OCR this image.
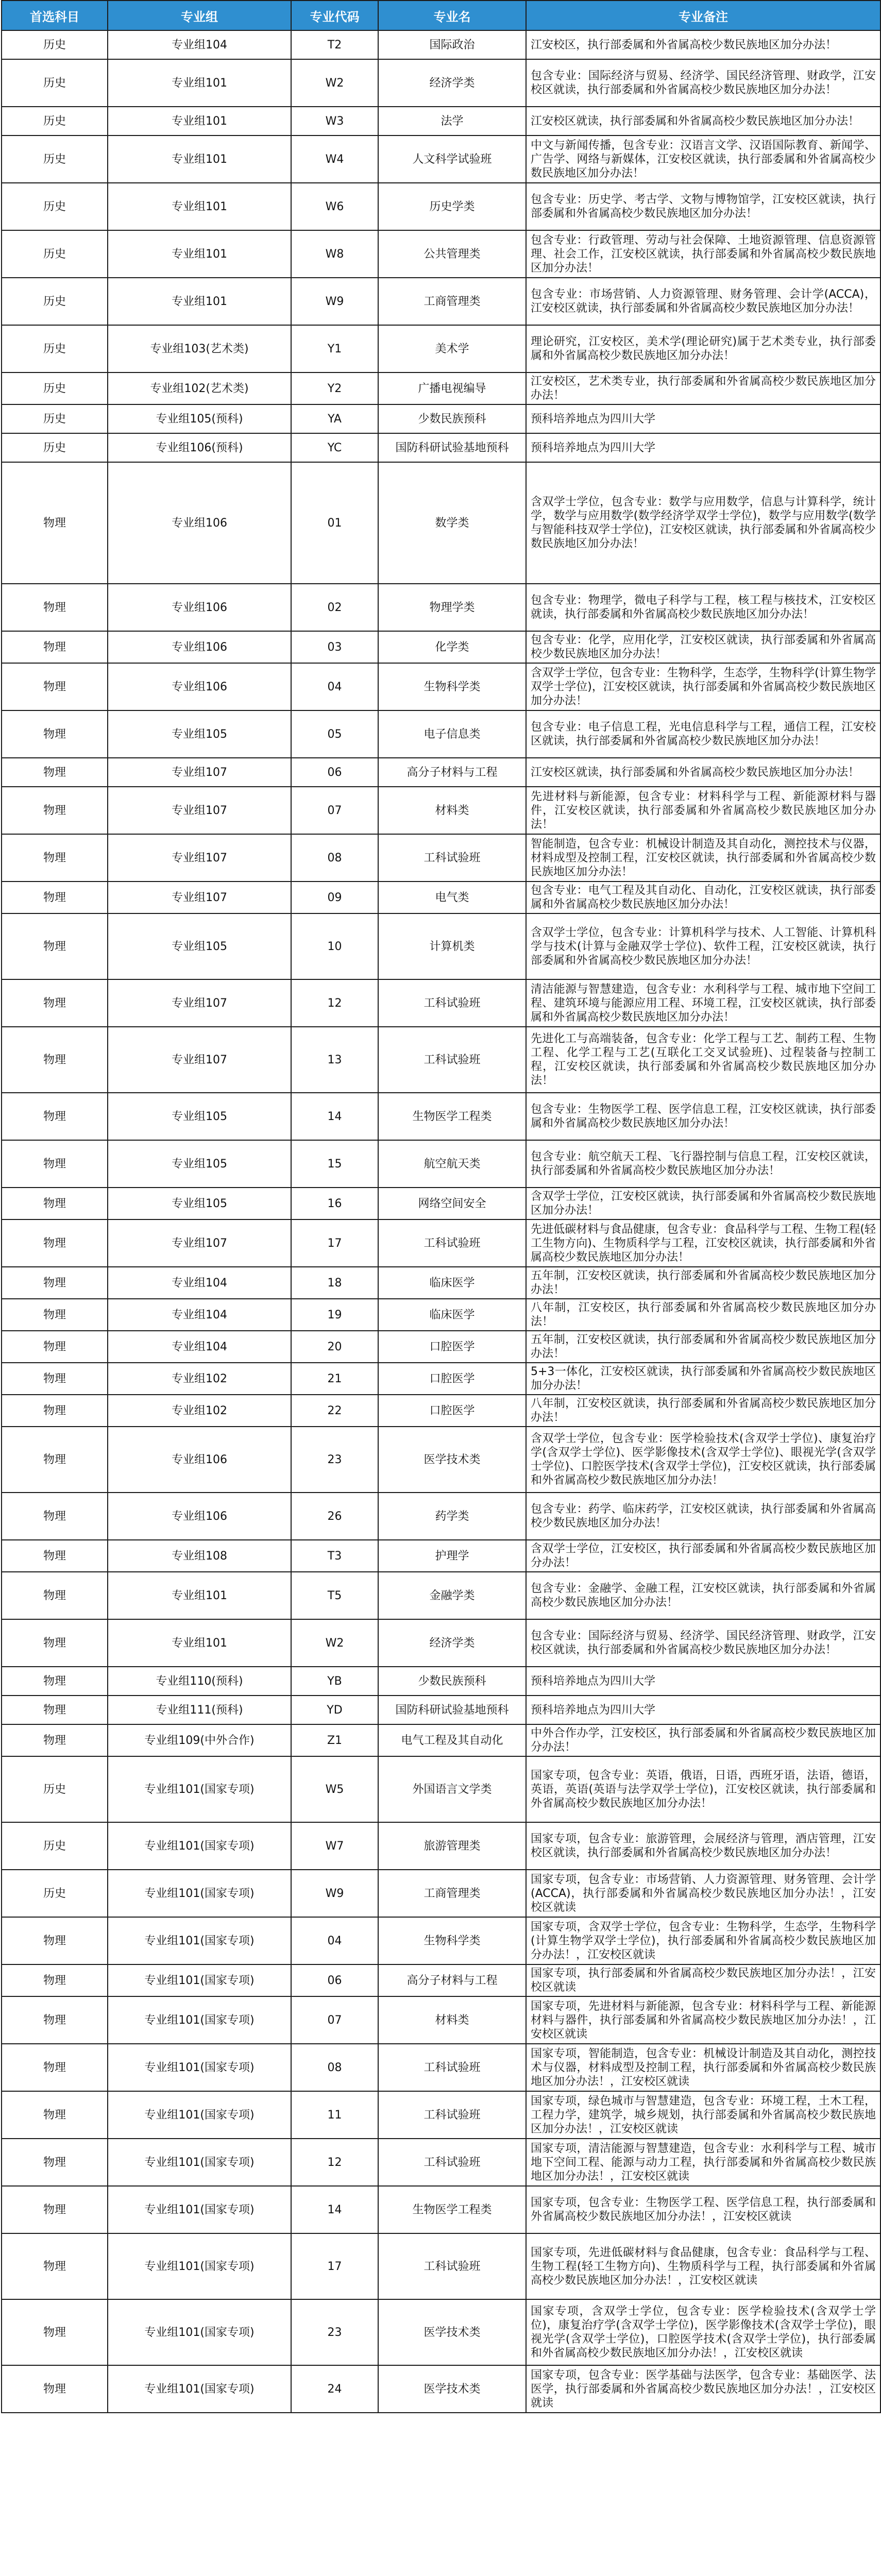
首选科目	专业组	专业代码	专业名	专业备注
历史	专业组104	T2	国际政治	江安校区，执行部委属和外省属高校少数民族地区加分办法！
历史	专业组101	W2	经济学类	包含专业：国际经济与贸易、经济学、国民经济管理、财政学，江安校区就读，执行部委属和外省属高校少数民族地区加分办法！
历史	专业组101	W3	法学	江安校区就读，执行部委属和外省属高校少数民族地区加分办法！
历史	专业组101	W4	人文科学试验班	中文与新闻传播，包含专业：汉语言文学、汉语国际教育、新闻学、广告学、网络与新媒体，江安校区就读，执行部委属和外省属高校少数民族地区加分办法！
历史	专业组101	W6	历史学类	包含专业：历史学、考古学、文物与博物馆学，江安校区就读，执行部委属和外省属高校少数民族地区加分办法！
历史	专业组101	W8	公共管理类	包含专业：行政管理、劳动与社会保障、土地资源管理、信息资源管理、社会工作，江安校区就读，执行部委属和外省属高校少数民族地区加分办法！
历史	专业组101	W9	工商管理类	包含专业：市场营销、人力资源管理、财务管理、会计学(ACCA)，江安校区就读，执行部委属和外省属高校少数民族地区加分办法！
历史	专业组103(艺术类)	Y1	美术学	理论研究，江安校区，美术学(理论研究)属于艺术类专业，执行部委属和外省属高校少数民族地区加分办法！
历史	专业组102(艺术类)	Y2	广播电视编导	江安校区，艺术类专业，执行部委属和外省属高校少数民族地区加分办法！
历史	专业组105(预科)	YA	少数民族预科	预科培养地点为四川大学
历史	专业组106(预科)	YC	国防科研试验基地预科	预科培养地点为四川大学
物理	专业组106	01	数学类	含双学士学位，包含专业：数学与应用数学，信息与计算科学，统计学，数学与应用数学(数学经济学双学士学位)，数学与应用数学(数学与智能科技双学士学位)，江安校区就读，执行部委属和外省属高校少数民族地区加分办法！
物理	专业组106	02	物理学类	包含专业：物理学，微电子科学与工程，核工程与核技术，江安校区就读，执行部委属和外省属高校少数民族地区加分办法！
物理	专业组106	03	化学类	包含专业：化学，应用化学，江安校区就读，执行部委属和外省属高校少数民族地区加分办法！
物理	专业组106	04	生物科学类	含双学士学位，包含专业：生物科学，生态学，生物科学(计算生物学双学士学位)，江安校区就读，执行部委属和外省属高校少数民族地区加分办法！
物理	专业组105	05	电子信息类	包含专业：电子信息工程，光电信息科学与工程，通信工程，江安校区就读，执行部委属和外省属高校少数民族地区加分办法！
物理	专业组107	06	高分子材料与工程	江安校区就读，执行部委属和外省属高校少数民族地区加分办法！
物理	专业组107	07	材料类	先进材料与新能源，包含专业：材料科学与工程、新能源材料与器件，江安校区就读，执行部委属和外省属高校少数民族地区加分办法！
物理	专业组107	08	工科试验班	智能制造，包含专业：机械设计制造及其自动化，测控技术与仪器，材料成型及控制工程，江安校区就读，执行部委属和外省属高校少数民族地区加分办法！
物理	专业组107	09	电气类	包含专业：电气工程及其自动化、自动化，江安校区就读，执行部委属和外省属高校少数民族地区加分办法！
物理	专业组105	10	计算机类	含双学士学位，包含专业：计算机科学与技术、人工智能、计算机科学与技术(计算与金融双学士学位)、软件工程，江安校区就读，执行部委属和外省属高校少数民族地区加分办法！
物理	专业组107	12	工科试验班	清洁能源与智慧建造，包含专业：水利科学与工程、城市地下空间工程、建筑环境与能源应用工程、环境工程，江安校区就读，执行部委属和外省属高校少数民族地区加分办法！
物理	专业组107	13	工科试验班	先进化工与高端装备，包含专业：化学工程与工艺、制药工程、生物工程、化学工程与工艺(互联化工交叉试验班)、过程装备与控制工程，江安校区就读，执行部委属和外省属高校少数民族地区加分办法！
物理	专业组105	14	生物医学工程类	包含专业：生物医学工程、医学信息工程，江安校区就读，执行部委属和外省属高校少数民族地区加分办法！
物理	专业组105	15	航空航天类	包含专业：航空航天工程、飞行器控制与信息工程，江安校区就读，执行部委属和外省属高校少数民族地区加分办法！
物理	专业组105	16	网络空间安全	含双学士学位，江安校区就读，执行部委属和外省属高校少数民族地区加分办法！
物理	专业组107	17	工科试验班	先进低碳材料与食品健康，包含专业：食品科学与工程、生物工程(轻工生物方向)、生物质科学与工程，江安校区就读，执行部委属和外省属高校少数民族地区加分办法！
物理	专业组104	18	临床医学	五年制，江安校区就读，执行部委属和外省属高校少数民族地区加分办法！
物理	专业组104	19	临床医学	八年制，江安校区，执行部委属和外省属高校少数民族地区加分办法！
物理	专业组104	20	口腔医学	五年制，江安校区就读，执行部委属和外省属高校少数民族地区加分办法！
物理	专业组102	21	口腔医学	5+3一体化，江安校区就读，执行部委属和外省属高校少数民族地区加分办法！
物理	专业组102	22	口腔医学	八年制，江安校区就读，执行部委属和外省属高校少数民族地区加分办法！
物理	专业组106	23	医学技术类	含双学士学位，包含专业：医学检验技术(含双学士学位)、康复治疗学(含双学士学位)、医学影像技术(含双学士学位)、眼视光学(含双学士学位)、口腔医学技术(含双学士学位)，江安校区就读，执行部委属和外省属高校少数民族地区加分办法！
物理	专业组106	26	药学类	包含专业：药学、临床药学，江安校区就读，执行部委属和外省属高校少数民族地区加分办法！
物理	专业组108	T3	护理学	含双学士学位，江安校区，执行部委属和外省属高校少数民族地区加分办法！
物理	专业组101	T5	金融学类	包含专业：金融学、金融工程，江安校区就读，执行部委属和外省属高校少数民族地区加分办法！
物理	专业组101	W2	经济学类	包含专业：国际经济与贸易、经济学、国民经济管理、财政学，江安校区就读，执行部委属和外省属高校少数民族地区加分办法！
物理	专业组110(预科)	YB	少数民族预科	预科培养地点为四川大学
物理	专业组111(预科)	YD	国防科研试验基地预科	预科培养地点为四川大学
物理	专业组109(中外合作)	Z1	电气工程及其自动化	中外合作办学，江安校区，执行部委属和外省属高校少数民族地区加分办法！
历史	专业组101(国家专项)	W5	外国语言文学类	国家专项，包含专业：英语，俄语，日语，西班牙语，法语，德语，英语，英语(英语与法学双学士学位)，江安校区就读，执行部委属和外省属高校少数民族地区加分办法！
历史	专业组101(国家专项)	W7	旅游管理类	国家专项，包含专业：旅游管理，会展经济与管理，酒店管理，江安校区就读，执行部委属和外省属高校少数民族地区加分办法！
历史	专业组101(国家专项)	W9	工商管理类	国家专项，包含专业：市场营销、人力资源管理、财务管理、会计学(ACCA)，执行部委属和外省属高校少数民族地区加分办法！，江安校区就读
物理	专业组101(国家专项)	04	生物科学类	国家专项，含双学士学位，包含专业：生物科学，生态学，生物科学(计算生物学双学士学位)，执行部委属和外省属高校少数民族地区加分办法！，江安校区就读
物理	专业组101(国家专项)	06	高分子材料与工程	国家专项，执行部委属和外省属高校少数民族地区加分办法！，江安校区就读
物理	专业组101(国家专项)	07	材料类	国家专项，先进材料与新能源，包含专业：材料科学与工程、新能源材料与器件，执行部委属和外省属高校少数民族地区加分办法！，江安校区就读
物理	专业组101(国家专项)	08	工科试验班	国家专项，智能制造，包含专业：机械设计制造及其自动化，测控技术与仪器，材料成型及控制工程，执行部委属和外省属高校少数民族地区加分办法！，江安校区就读
物理	专业组101(国家专项)	11	工科试验班	国家专项，绿色城市与智慧建造，包含专业：环境工程，土木工程，工程力学，建筑学，城乡规划，执行部委属和外省属高校少数民族地区加分办法！，江安校区就读
物理	专业组101(国家专项)	12	工科试验班	国家专项，清洁能源与智慧建造，包含专业：水利科学与工程、城市地下空间工程、能源与动力工程，执行部委属和外省属高校少数民族地区加分办法！，江安校区就读
物理	专业组101(国家专项)	14	生物医学工程类	国家专项，包含专业：生物医学工程、医学信息工程，执行部委属和外省属高校少数民族地区加分办法！，江安校区就读
物理	专业组101(国家专项)	17	工科试验班	国家专项，先进低碳材料与食品健康，包含专业：食品科学与工程、生物工程(轻工生物方向)、生物质科学与工程，执行部委属和外省属高校少数民族地区加分办法！，江安校区就读
物理	专业组101(国家专项)	23	医学技术类	国家专项，含双学士学位，包含专业：医学检验技术(含双学士学位)，康复治疗学(含双学士学位)，医学影像技术(含双学士学位)，眼视光学(含双学士学位)，口腔医学技术(含双学士学位)，执行部委属和外省属高校少数民族地区加分办法！，江安校区就读
物理	专业组101(国家专项)	24	医学技术类	国家专项，包含专业：医学基础与法医学，包含专业：基础医学、法医学，执行部委属和外省属高校少数民族地区加分办法！，江安校区就读
